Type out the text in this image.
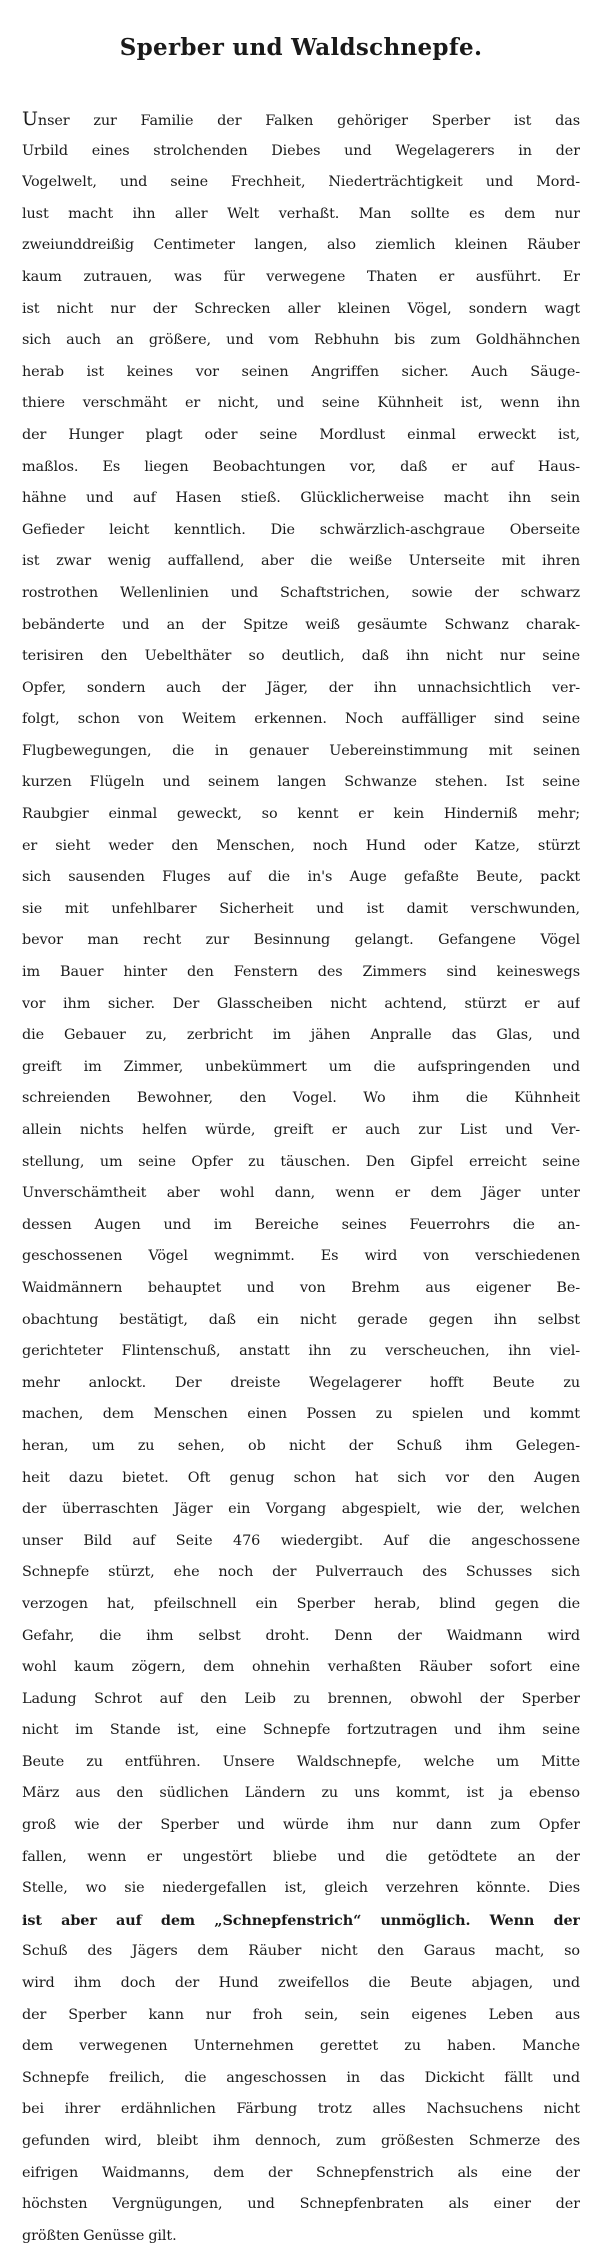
Sperber und Waldschnepfe.
Unser zur Familie der Falken gehöriger Sperber ist das
Urbild eines strolchenden Diebes und Wegelagerers in der
Vogelwelt, und seine Frechheit, Niederträchtigkeit und Mord-
lust macht ihn aller Welt verhaßt. Man sollte es dem nur
zweiunddreißig Centimeter langen, also ziemlich kleinen Räuber
kaum zutrauen, was für verwegene Thaten er ausführt. Er
ist nicht nur der Schrecken aller kleinen Vögel, sondern wagt
sich auch an größere, und vom Rebhuhn bis zum Goldhähnchen
herab ist keines vor seinen Angriffen sicher. Auch Säuge-
thiere verschmäht er nicht, und seine Kühnheit ist, wenn ihn
der Hunger plagt oder seine Mordlust einmal erweckt ist,
maßlos. Es liegen Beobachtungen vor, daß er auf Haus-
hähne und auf Hasen stieß. Glücklicherweise macht ihn sein
Gefieder leicht kenntlich. Die schwärzlich-aschgraue Oberseite
ist zwar wenig auffallend, aber die weiße Unterseite mit ihren
rostrothen Wellenlinien und Schaftstrichen, sowie der schwarz
bebänderte und an der Spitze weiß gesäumte Schwanz charak-
terisiren den Uebelthäter so deutlich, daß ihn nicht nur seine
Opfer, sondern auch der Jäger, der ihn unnachsichtlich ver-
folgt, schon von Weitem erkennen. Noch auffälliger sind seine
Flugbewegungen, die in genauer Uebereinstimmung mit seinen
kurzen Flügeln und seinem langen Schwanze stehen. Ist seine
Raubgier einmal geweckt, so kennt er kein Hinderniß mehr;
er sieht weder den Menschen, noch Hund oder Katze, stürzt
sich sausenden Fluges auf die in's Auge gefaßte Beute, packt
sie mit unfehlbarer Sicherheit und ist damit verschwunden,
bevor man recht zur Besinnung gelangt. Gefangene Vögel
im Bauer hinter den Fenstern des Zimmers sind keineswegs
vor ihm sicher. Der Glasscheiben nicht achtend, stürzt er auf
die Gebauer zu, zerbricht im jähen Anpralle das Glas, und
greift im Zimmer, unbekümmert um die aufspringenden und
schreienden Bewohner, den Vogel. Wo ihm die Kühnheit
allein nichts helfen würde, greift er auch zur List und Ver-
stellung, um seine Opfer zu täuschen. Den Gipfel erreicht seine
Unverschämtheit aber wohl dann, wenn er dem Jäger unter
dessen Augen und im Bereiche seines Feuerrohrs die an-
geschossenen Vögel wegnimmt. Es wird von verschiedenen
Waidmännern behauptet und von Brehm aus eigener Be-
obachtung bestätigt, daß ein nicht gerade gegen ihn selbst
gerichteter Flintenschuß, anstatt ihn zu verscheuchen, ihn viel-
mehr anlockt. Der dreiste Wegelagerer hofft Beute zu
machen, dem Menschen einen Possen zu spielen und kommt
heran, um zu sehen, ob nicht der Schuß ihm Gelegen-
heit dazu bietet. Oft genug schon hat sich vor den Augen
der überraschten Jäger ein Vorgang abgespielt, wie der, welchen
unser Bild auf Seite 476 wiedergibt. Auf die angeschossene
Schnepfe stürzt, ehe noch der Pulverrauch des Schusses sich
verzogen hat, pfeilschnell ein Sperber herab, blind gegen die
Gefahr, die ihm selbst droht. Denn der Waidmann wird
wohl kaum zögern, dem ohnehin verhaßten Räuber sofort eine
Ladung Schrot auf den Leib zu brennen, obwohl der Sperber
nicht im Stande ist, eine Schnepfe fortzutragen und ihm seine
Beute zu entführen. Unsere Waldschnepfe, welche um Mitte
März aus den südlichen Ländern zu uns kommt, ist ja ebenso
groß wie der Sperber und würde ihm nur dann zum Opfer
fallen, wenn er ungestört bliebe und die getödtete an der
Stelle, wo sie niedergefallen ist, gleich verzehren könnte. Dies
ist aber auf dem „Schnepfenstrich“ unmöglich. Wenn der
Schuß des Jägers dem Räuber nicht den Garaus macht, so
wird ihm doch der Hund zweifellos die Beute abjagen, und
der Sperber kann nur froh sein, sein eigenes Leben aus
dem verwegenen Unternehmen gerettet zu haben. Manche
Schnepfe freilich, die angeschossen in das Dickicht fällt und
bei ihrer erdähnlichen Färbung trotz alles Nachsuchens nicht
gefunden wird, bleibt ihm dennoch, zum größesten Schmerze des
eifrigen Waidmanns, dem der Schnepfenstrich als eine der
höchsten Vergnügungen, und Schnepfenbraten als einer der
größten Genüsse gilt.
